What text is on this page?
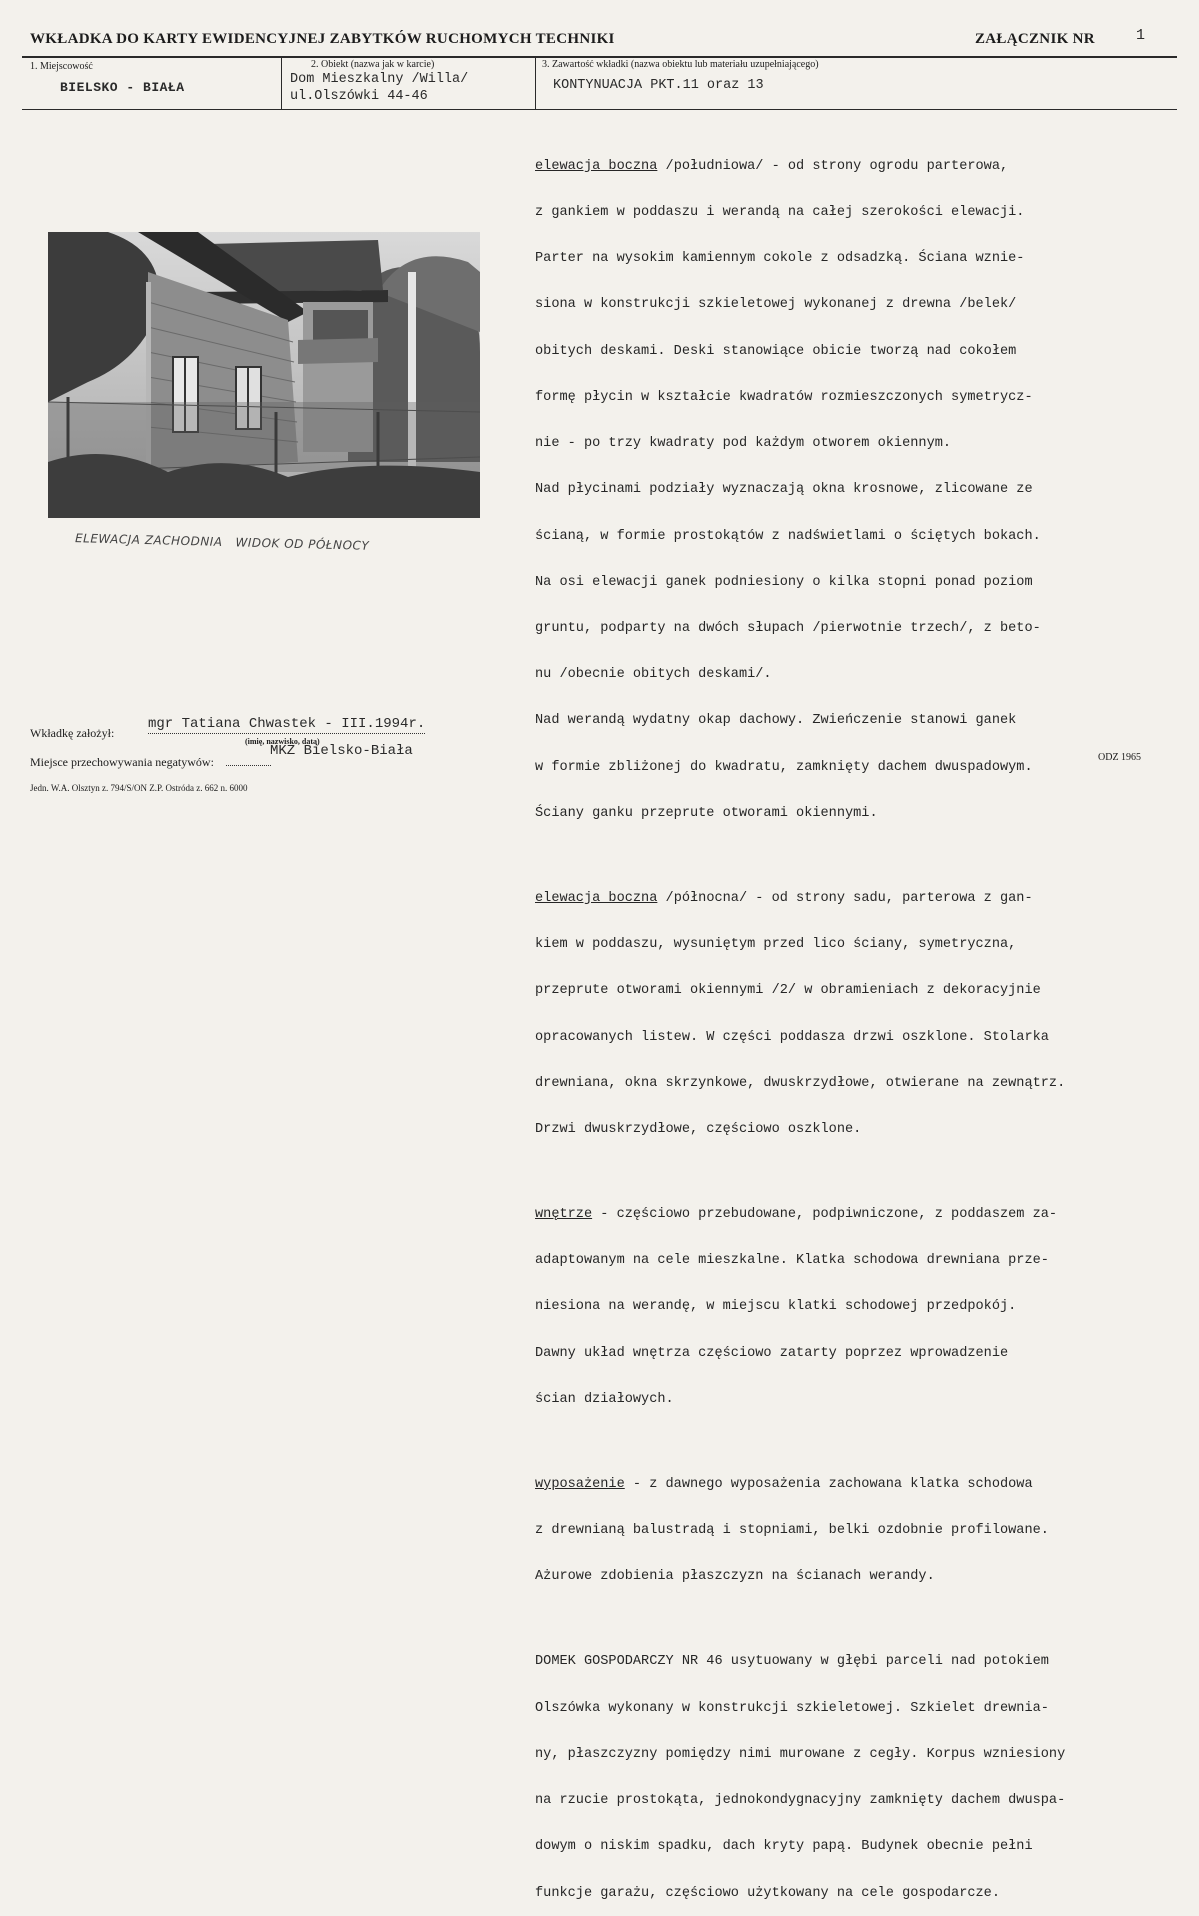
WKŁADKA DO KARTY EWIDENCYJNEJ ZABYTKÓW RUCHOMYCH TECHNIKI	ZAŁĄCZNIK NR	1
1. Miejscowość
BIELSKO - BIAŁA
2. Obiekt (nazwa jak w karcie)
Dom Mieszkalny /Willa/
ul.Olszówki 44-46
3. Zawartość wkładki (nazwa obiektu lub materiału uzupełniającego)
KONTYNUACJA PKT.11 oraz 13
ELEWACJA ZACHODNIA   WIDOK OD PÓŁNOCY

elewacja boczna /południowa/ - od strony ogrodu parterowa,

z gankiem w poddaszu i werandą na całej szerokości elewacji.

Parter na wysokim kamiennym cokole z odsadzką. Ściana wznie-

siona w konstrukcji szkieletowej wykonanej z drewna /belek/

obitych deskami. Deski stanowiące obicie tworzą nad cokołem

formę płycin w kształcie kwadratów rozmieszczonych symetrycz-

nie - po trzy kwadraty pod każdym otworem okiennym.

Nad płycinami podziały wyznaczają okna krosnowe, zlicowane ze

ścianą, w formie prostokątów z nadświetlami o ściętych bokach.

Na osi elewacji ganek podniesiony o kilka stopni ponad poziom

gruntu, podparty na dwóch słupach /pierwotnie trzech/, z beto-

nu /obecnie obitych deskami/.

Nad werandą wydatny okap dachowy. Zwieńczenie stanowi ganek

w formie zbliżonej do kwadratu, zamknięty dachem dwuspadowym.

Ściany ganku przeprute otworami okiennymi.

elewacja boczna /północna/ - od strony sadu, parterowa z gan-

kiem w poddaszu, wysuniętym przed lico ściany, symetryczna,

przeprute otworami okiennymi /2/ w obramieniach z dekoracyjnie

opracowanych listew. W części poddasza drzwi oszklone. Stolarka

drewniana, okna skrzynkowe, dwuskrzydłowe, otwierane na zewnątrz.

Drzwi dwuskrzydłowe, częściowo oszklone.

wnętrze - częściowo przebudowane, podpiwniczone, z poddaszem za-

adaptowanym na cele mieszkalne. Klatka schodowa drewniana prze-

niesiona na werandę, w miejscu klatki schodowej przedpokój.

Dawny układ wnętrza częściowo zatarty poprzez wprowadzenie

ścian działowych.

wyposażenie - z dawnego wyposażenia zachowana klatka schodowa

z drewnianą balustradą i stopniami, belki ozdobnie profilowane.

Ażurowe zdobienia płaszczyzn na ścianach werandy.

DOMEK GOSPODARCZY NR 46 usytuowany w głębi parceli nad potokiem

Olszówka wykonany w konstrukcji szkieletowej. Szkielet drewnia-

ny, płaszczyzny pomiędzy nimi murowane z cegły. Korpus wzniesiony

na rzucie prostokąta, jednokondygnacyjny zamknięty dachem dwuspa-

dowym o niskim spadku, dach kryty papą. Budynek obecnie pełni

funkcje garażu, częściowo użytkowany na cele gospodarcze.

Wkładkę założył:
mgr Tatiana Chwastek - III.1994r.
(imię, nazwisko, data)
Miejsce przechowywania negatywów:
MKZ Bielsko-Biała
Jedn. W.A. Olsztyn z. 794/S/ON Z.P. Ostróda z. 662 n. 6000
ODZ 1965
